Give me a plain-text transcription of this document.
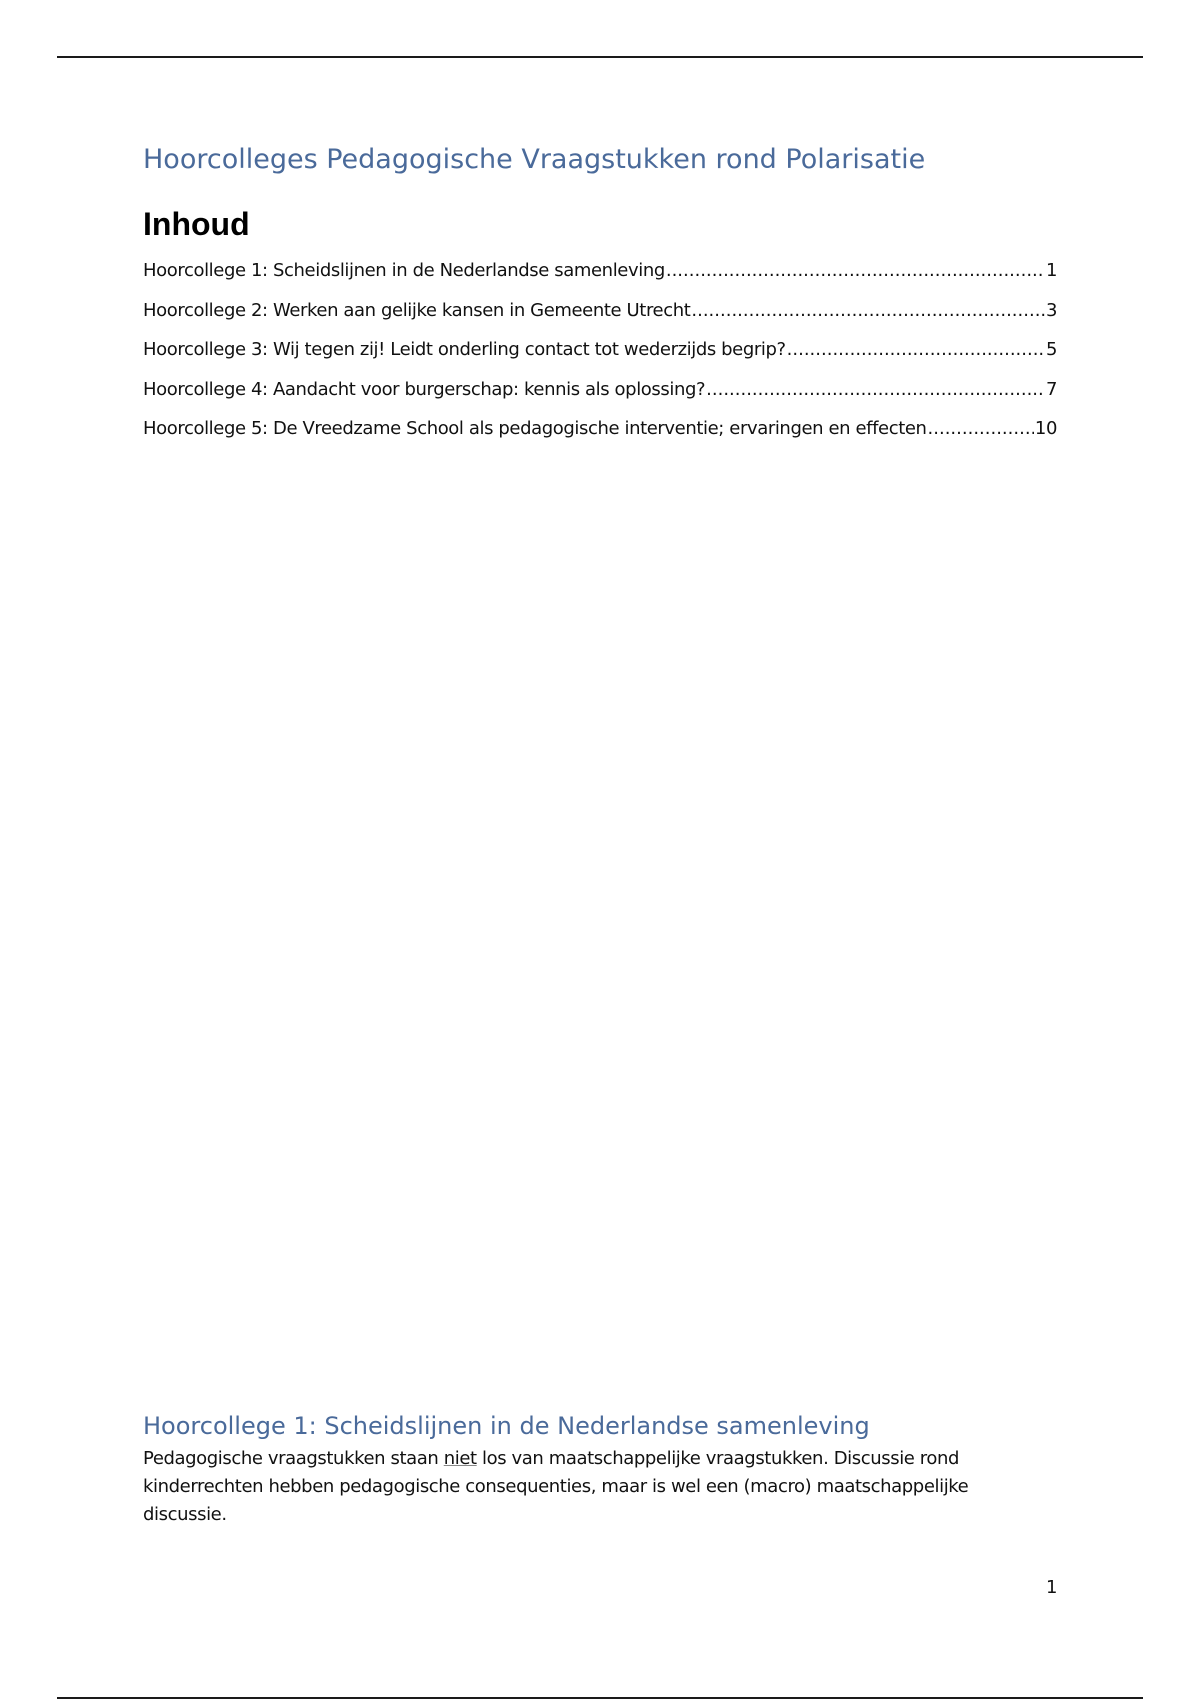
Hoorcolleges Pedagogische Vraagstukken rond Polarisatie
Inhoud
Hoorcollege 1: Scheidslijnen in de Nederlandse samenleving .....	1
Hoorcollege 2: Werken aan gelijke kansen in Gemeente Utrecht .....	3
Hoorcollege 3: Wij tegen zij! Leidt onderling contact tot wederzijds begrip? .....	5
Hoorcollege 4: Aandacht voor burgerschap: kennis als oplossing? .....	7
Hoorcollege 5: De Vreedzame School als pedagogische interventie; ervaringen en effecten .....	10
Hoorcollege 1: Scheidslijnen in de Nederlandse samenleving

Pedagogische vraagstukken staan niet los van maatschappelijke vraagstukken. Discussie rond kinderrechten hebben pedagogische consequenties, maar is wel een (macro) maatschappelijke discussie.

1
